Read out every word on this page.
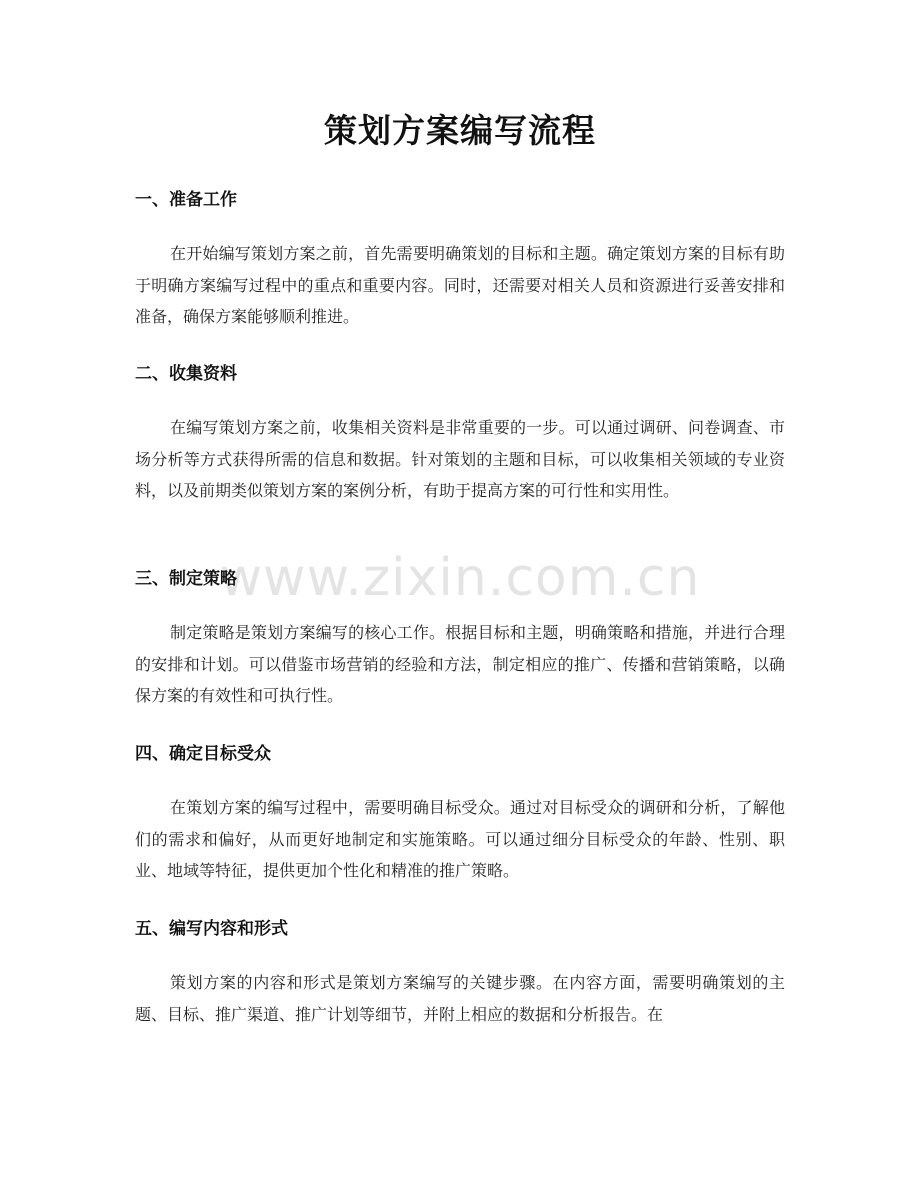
www.zixin.com.cn
策划方案编写流程
一、准备工作

在开始编写策划方案之前，首先需要明确策划的目标和主题。确定策划方案的目标有助于明确方案编写过程中的重点和重要内容。同时，还需要对相关人员和资源进行妥善安排和准备，确保方案能够顺利推进。

二、收集资料

在编写策划方案之前，收集相关资料是非常重要的一步。可以通过调研、问卷调查、市场分析等方式获得所需的信息和数据。针对策划的主题和目标，可以收集相关领域的专业资料，以及前期类似策划方案的案例分析，有助于提高方案的可行性和实用性。

三、制定策略

制定策略是策划方案编写的核心工作。根据目标和主题，明确策略和措施，并进行合理的安排和计划。可以借鉴市场营销的经验和方法，制定相应的推广、传播和营销策略，以确保方案的有效性和可执行性。

四、确定目标受众

在策划方案的编写过程中，需要明确目标受众。通过对目标受众的调研和分析，了解他们的需求和偏好，从而更好地制定和实施策略。可以通过细分目标受众的年龄、性别、职业、地域等特征，提供更加个性化和精准的推广策略。

五、编写内容和形式

策划方案的内容和形式是策划方案编写的关键步骤。在内容方面，需要明确策划的主题、目标、推广渠道、推广计划等细节，并附上相应的数据和分析报告。在
